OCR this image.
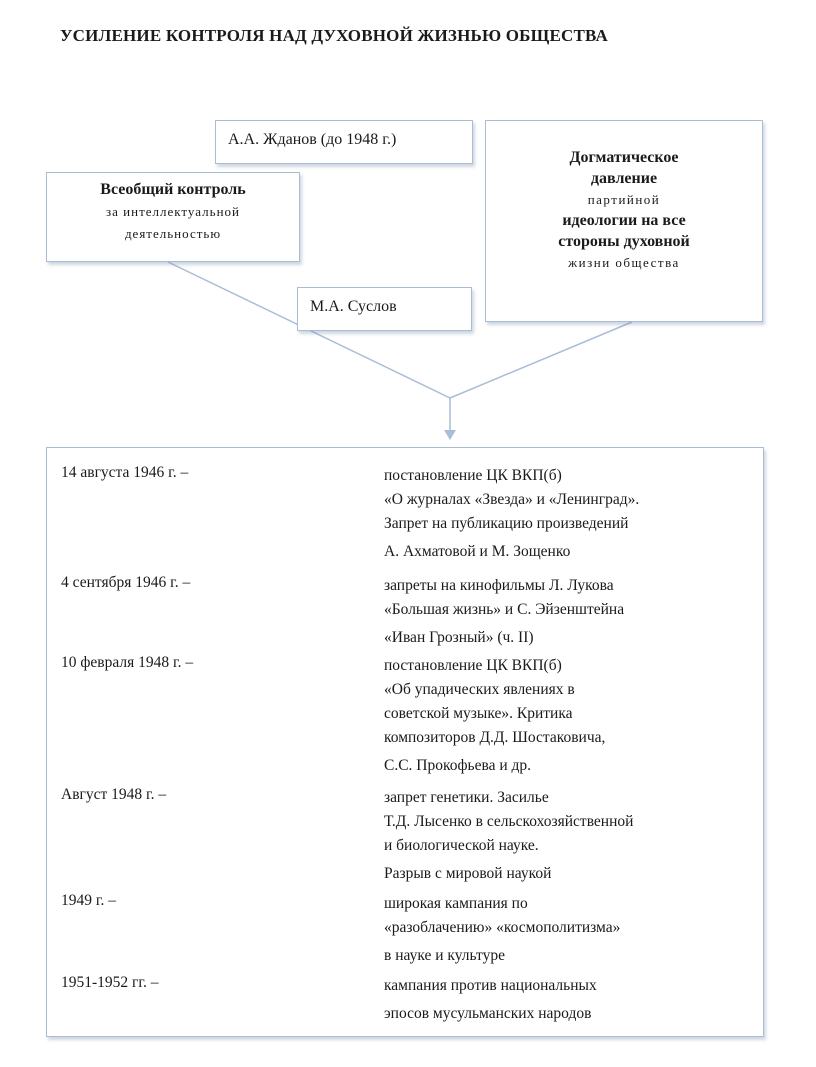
УСИЛЕНИЕ КОНТРОЛЯ НАД ДУХОВНОЙ ЖИЗНЬЮ ОБЩЕСТВА
А.А. Жданов (до 1948 г.)
Всеобщий контроль
за интеллектуальной
деятельностью
М.А. Суслов
Догматическое
давление
партийной
идеологии на все
стороны духовной
жизни общества
14 августа 1946 г. –	постановление ЦК ВКП(б)
«О журналах «Звезда» и «Ленинград».
Запрет на публикацию произведений
А. Ахматовой и М. Зощенко
4 сентября 1946 г. –	запреты на кинофильмы Л. Лукова
«Большая жизнь» и С. Эйзенштейна
«Иван Грозный» (ч. II)
10 февраля 1948 г. –	постановление ЦК ВКП(б)
«Об упадических явлениях в
советской музыке». Критика
композиторов Д.Д. Шостаковича,
С.С. Прокофьева и др.
Август 1948 г. –	запрет генетики. Засилье
Т.Д. Лысенко в сельскохозяйственной
и биологической науке.
Разрыв с мировой наукой
1949 г. –	широкая кампания по
«разоблачению» «космополитизма»
в науке и культуре
1951-1952 гг. –	кампания против национальных
эпосов мусульманских народов
